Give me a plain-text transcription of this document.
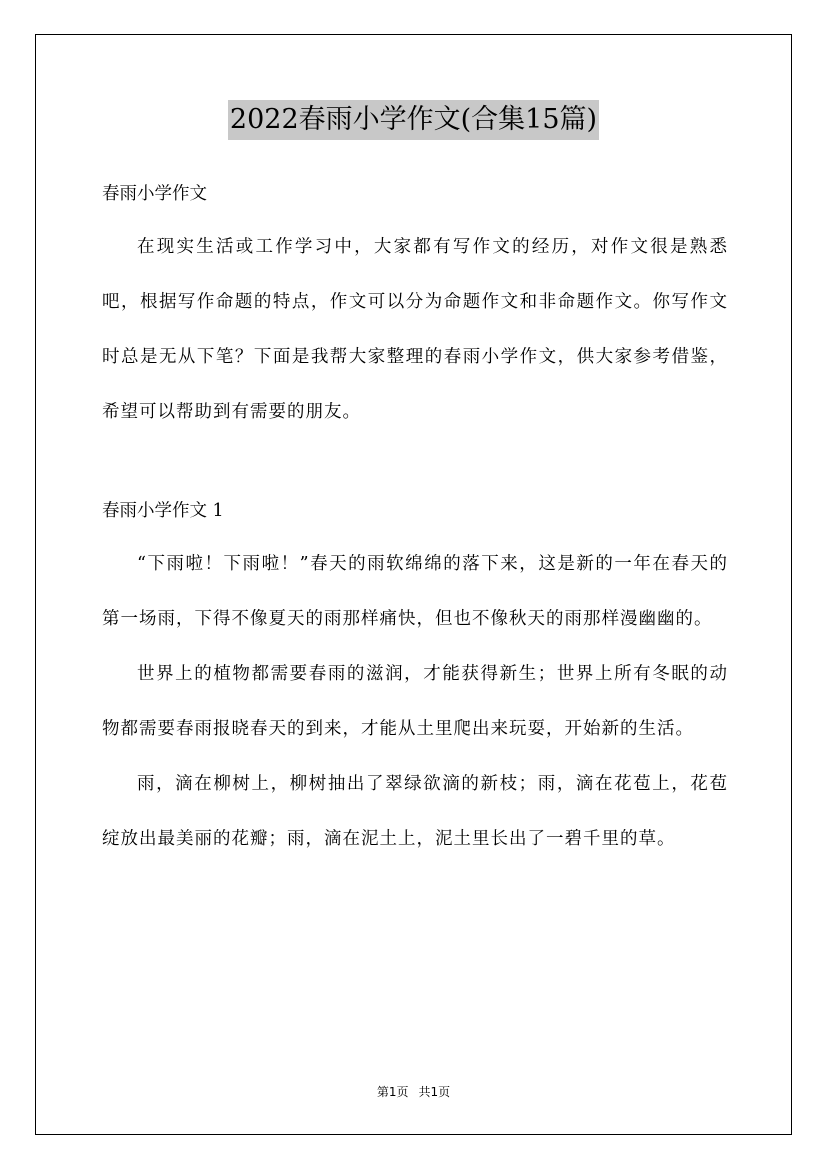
2022春雨小学作文(合集15篇)

春雨小学作文

在现实生活或工作学习中，大家都有写作文的经历，对作文很是熟悉吧，根据写作命题的特点，作文可以分为命题作文和非命题作文。你写作文时总是无从下笔？下面是我帮大家整理的春雨小学作文，供大家参考借鉴，希望可以帮助到有需要的朋友。

春雨小学作文 1

“下雨啦！下雨啦！”春天的雨软绵绵的落下来，这是新的一年在春天的第一场雨，下得不像夏天的雨那样痛快，但也不像秋天的雨那样漫幽幽的。

世界上的植物都需要春雨的滋润，才能获得新生；世界上所有冬眠的动物都需要春雨报晓春天的到来，才能从土里爬出来玩耍，开始新的生活。

雨，滴在柳树上，柳树抽出了翠绿欲滴的新枝；雨，滴在花苞上，花苞绽放出最美丽的花瓣；雨，滴在泥土上，泥土里长出了一碧千里的草。

第1页 共1页
